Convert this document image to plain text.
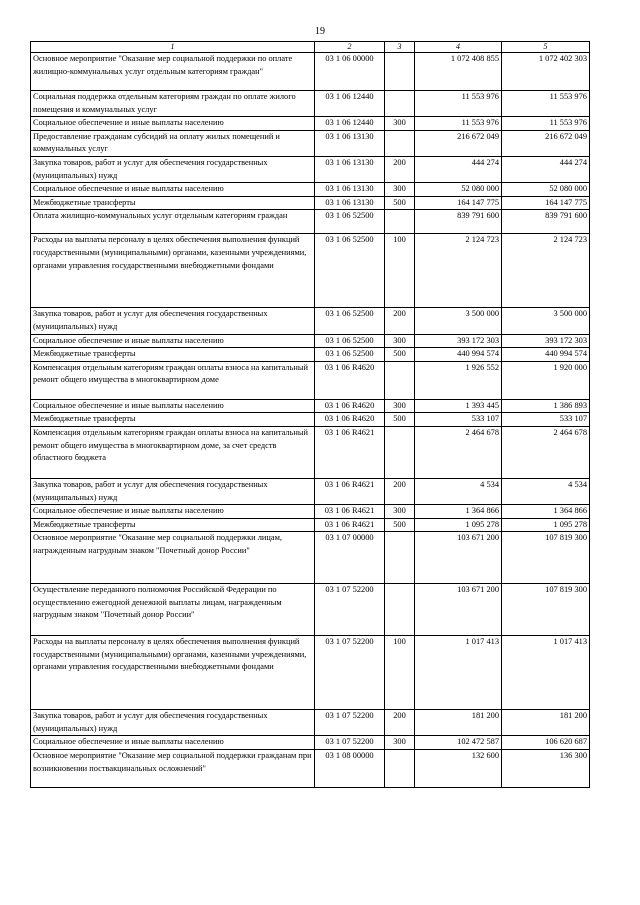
19
1	2	3	4	5
Основное мероприятие "Оказание мер социальной поддержки по оплате жилищно-коммунальных услуг отдельным категориям граждан"	03 1 06 00000		1 072 408 855	1 072 402 303
Социальная поддержка отдельным категориям граждан по оплате жилого помещения и коммунальных услуг	03 1 06 12440		11 553 976	11 553 976
Социальное обеспечение и иные выплаты населению	03 1 06 12440	300	11 553 976	11 553 976
Предоставление гражданам субсидий на оплату жилых помещений и коммунальных услуг	03 1 06 13130		216 672 049	216 672 049
Закупка товаров, работ и услуг для обеспечения государственных (муниципальных) нужд	03 1 06 13130	200	444 274	444 274
Социальное обеспечение и иные выплаты населению	03 1 06 13130	300	52 080 000	52 080 000
Межбюджетные трансферты	03 1 06 13130	500	164 147 775	164 147 775
Оплата жилищно-коммунальных услуг отдельным категориям граждан	03 1 06 52500		839 791 600	839 791 600
Расходы на выплаты персоналу в целях обеспечения выполнения функций государственными (муниципальными) органами, казенными учреждениями, органами управления государственными внебюджетными фондами	03 1 06 52500	100	2 124 723	2 124 723
Закупка товаров, работ и услуг для обеспечения государственных (муниципальных) нужд	03 1 06 52500	200	3 500 000	3 500 000
Социальное обеспечение и иные выплаты населению	03 1 06 52500	300	393 172 303	393 172 303
Межбюджетные трансферты	03 1 06 52500	500	440 994 574	440 994 574
Компенсация отдельным категориям граждан оплаты взноса на капитальный ремонт общего имущества в многоквартирном доме	03 1 06 R4620		1 926 552	1 920 000
Социальное обеспечение и иные выплаты населению	03 1 06 R4620	300	1 393 445	1 386 893
Межбюджетные трансферты	03 1 06 R4620	500	533 107	533 107
Компенсация отдельным категориям граждан оплаты взноса на капитальный ремонт общего имущества в многоквартирном доме, за счет средств областного бюджета	03 1 06 R4621		2 464 678	2 464 678
Закупка товаров, работ и услуг для обеспечения государственных (муниципальных) нужд	03 1 06 R4621	200	4 534	4 534
Социальное обеспечение и иные выплаты населению	03 1 06 R4621	300	1 364 866	1 364 866
Межбюджетные трансферты	03 1 06 R4621	500	1 095 278	1 095 278
Основное мероприятие "Оказание мер социальной поддержки лицам, награжденным нагрудным знаком "Почетный донор России"	03 1 07 00000		103 671 200	107 819 300
Осуществление переданного полномочия Российской Федерации по осуществлению ежегодной денежной выплаты лицам, награжденным нагрудным знаком "Почетный донор России"	03 1 07 52200		103 671 200	107 819 300
Расходы на выплаты персоналу в целях обеспечения выполнения функций государственными (муниципальными) органами, казенными учреждениями, органами управления государственными внебюджетными фондами	03 1 07 52200	100	1 017 413	1 017 413
Закупка товаров, работ и услуг для обеспечения государственных (муниципальных) нужд	03 1 07 52200	200	181 200	181 200
Социальное обеспечение и иные выплаты населению	03 1 07 52200	300	102 472 587	106 620 687
Основное мероприятие "Оказание мер социальной поддержки гражданам при возникновении поствакцинальных осложнений"	03 1 08 00000		132 600	136 300
